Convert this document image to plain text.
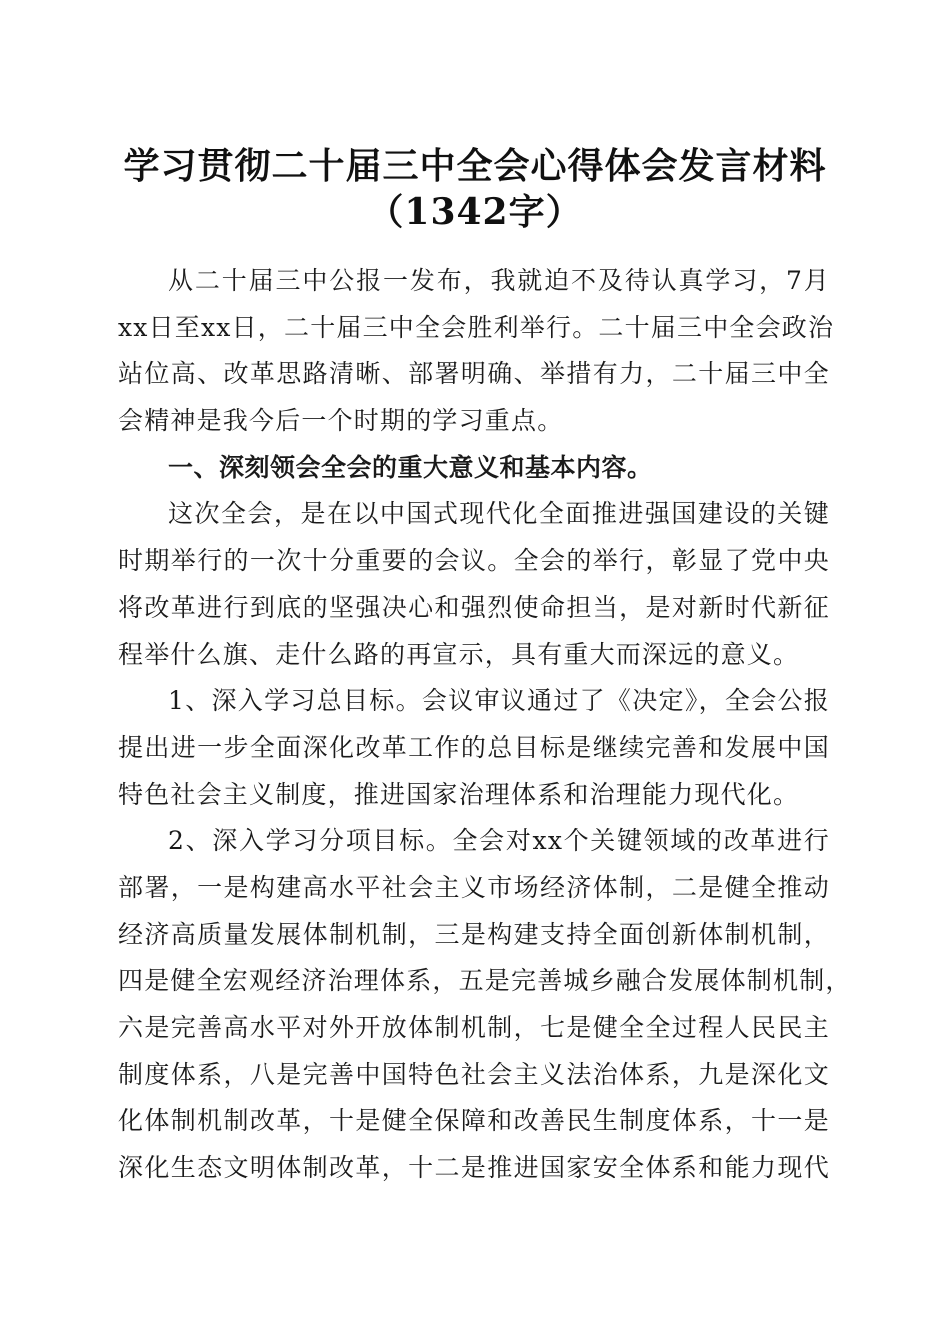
学习贯彻二十届三中全会心得体会发言材料
（1342字）
从二十届三中公报一发布，我就迫不及待认真学习，7月
xx日至xx日，二十届三中全会胜利举行。二十届三中全会政治
站位高、改革思路清晰、部署明确、举措有力，二十届三中全
会精神是我今后一个时期的学习重点。
一、深刻领会全会的重大意义和基本内容。
这次全会，是在以中国式现代化全面推进强国建设的关键
时期举行的一次十分重要的会议。全会的举行，彰显了党中央
将改革进行到底的坚强决心和强烈使命担当，是对新时代新征
程举什么旗、走什么路的再宣示，具有重大而深远的意义。
1、深入学习总目标。会议审议通过了《决定》，全会公报
提出进一步全面深化改革工作的总目标是继续完善和发展中国
特色社会主义制度，推进国家治理体系和治理能力现代化。
2、深入学习分项目标。全会对xx个关键领域的改革进行
部署，一是构建高水平社会主义市场经济体制，二是健全推动
经济高质量发展体制机制，三是构建支持全面创新体制机制，
四是健全宏观经济治理体系，五是完善城乡融合发展体制机制，
六是完善高水平对外开放体制机制，七是健全全过程人民民主
制度体系，八是完善中国特色社会主义法治体系，九是深化文
化体制机制改革，十是健全保障和改善民生制度体系，十一是
深化生态文明体制改革，十二是推进国家安全体系和能力现代
